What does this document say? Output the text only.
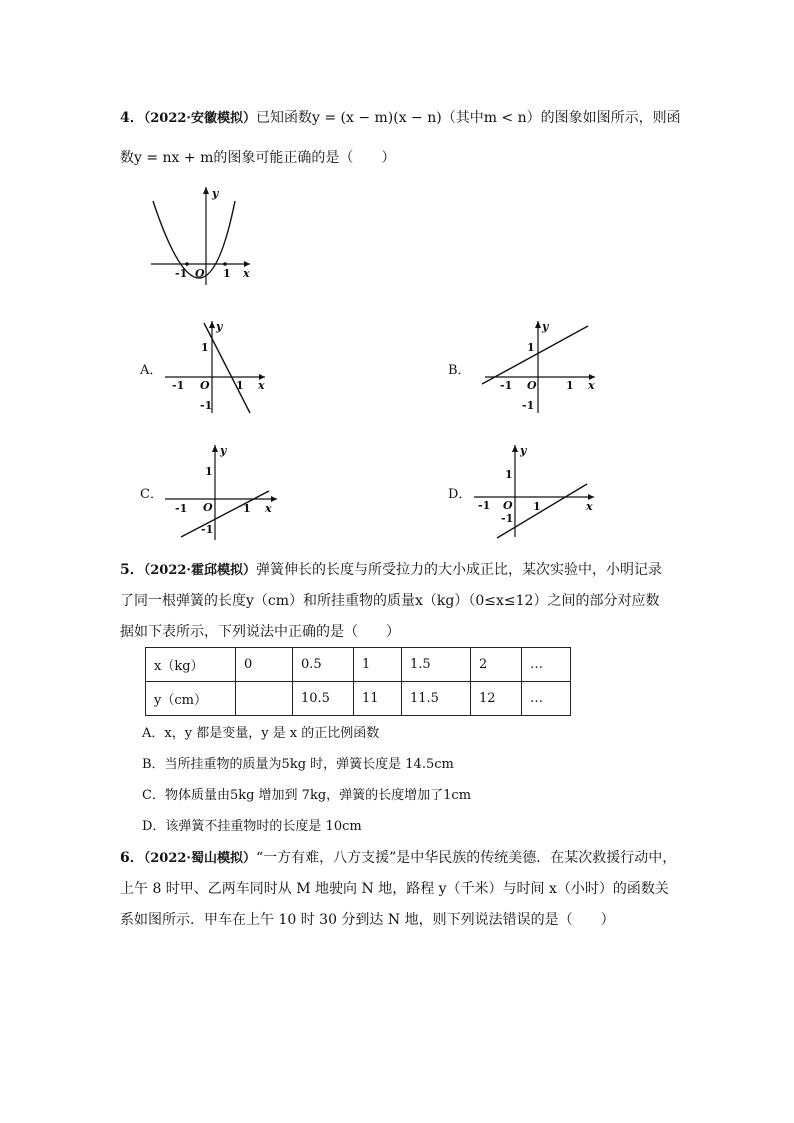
4．（2022·安徽模拟）已知函数y = (x − m)(x − n)（其中m < n）的图象如图所示，则函
数y = nx + m的图象可能正确的是（　　）
y
x
O
-1	1
A．
y
x
O
1
-1
1
-1
B．
y
x
O
1
-1
1
-1
C．
y
x
O
1
-1
1
-1
D．
y
x
O
1
-1
1
-1
5．（2022·霍邱模拟）弹簧伸长的长度与所受拉力的大小成正比，某次实验中，小明记录
了同一根弹簧的长度y（cm）和所挂重物的质量x（kg）（0≤x≤12）之间的部分对应数
据如下表所示，下列说法中正确的是（　　）
x（kg）	0	0.5	1	1.5	2	…
y（cm）		10.5	11	11.5	12	…
A．x，y 都是变量，y 是 x 的正比例函数
B．当所挂重物的质量为5kg 时，弹簧长度是 14.5cm
C．物体质量由5kg 增加到 7kg，弹簧的长度增加了1cm
D．该弹簧不挂重物时的长度是 10cm
6．（2022·蜀山模拟）“一方有难，八方支援”是中华民族的传统美德．在某次救援行动中，
上午 8 时甲、乙两车同时从 M 地驶向 N 地，路程 y（千米）与时间 x（小时）的函数关
系如图所示．甲车在上午 10 时 30 分到达 N 地，则下列说法错误的是（　　）
